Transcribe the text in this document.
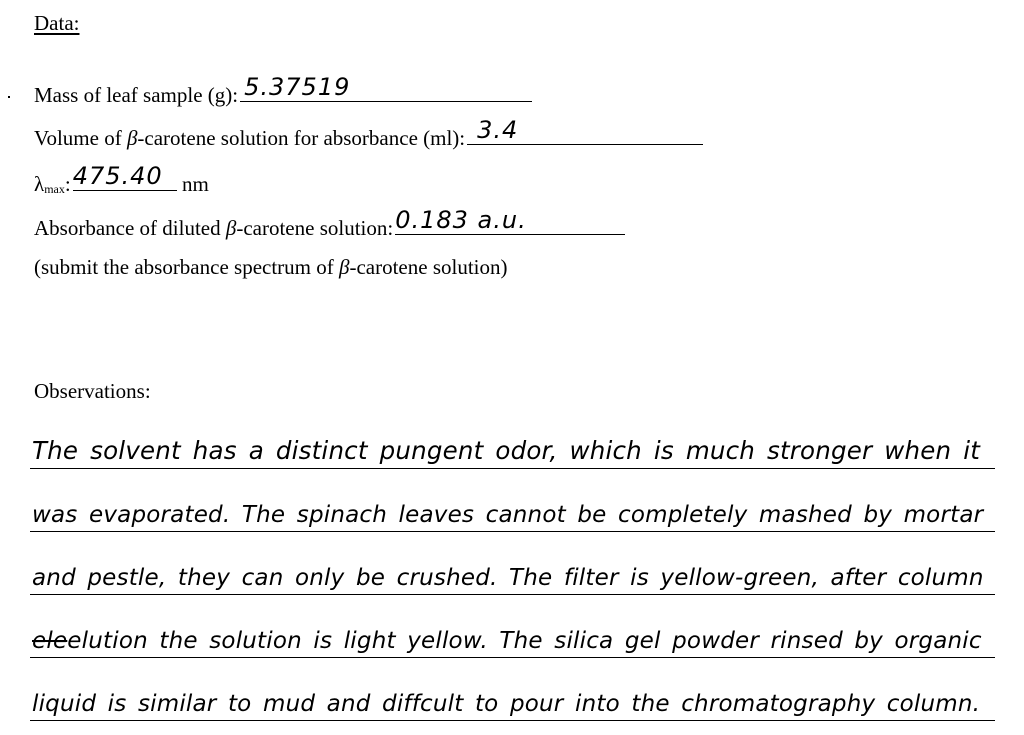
Data:
Mass of leaf sample (g): 5.37519
Volume of β-carotene solution for absorbance (ml): 3.4
$\lambda_{max}$: 475.40 nm
Absorbance of diluted β-carotene solution: 0.183 a.u.
(submit the absorbance spectrum of β-carotene solution)
Observations:
The solvent has a distinct pungent odor, which is much stronger when it
was evaporated. The spinach leaves cannot be completely mashed by mortar
and pestle, they can only be crushed. The filter is yellow-green, after column
eleelution the solution is light yellow. The silica gel powder rinsed by organic
liquid is similar to mud and diffcult to pour into the chromatography column.
